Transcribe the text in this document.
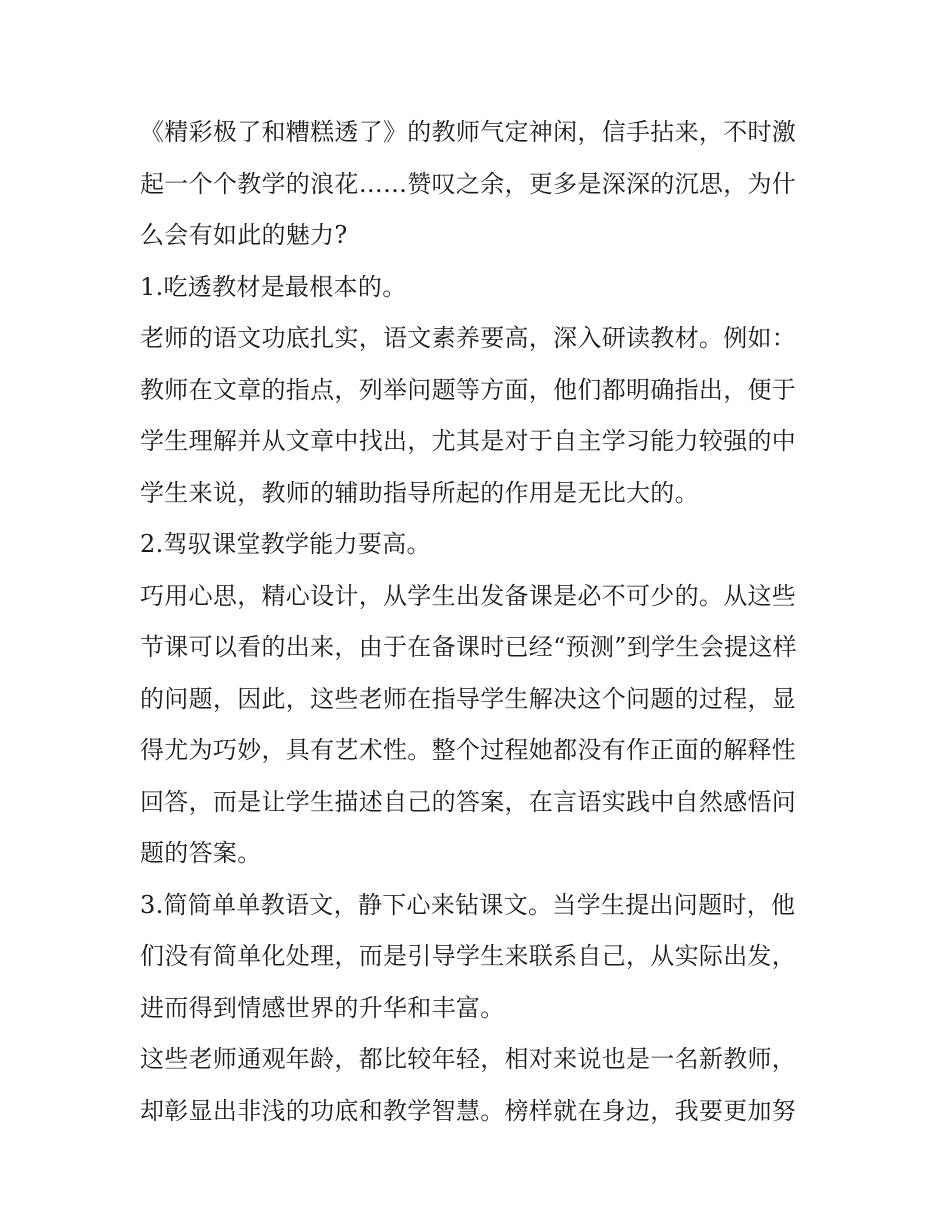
《精彩极了和糟糕透了》的教师气定神闲，信手拈来，不时激
起一个个教学的浪花……赞叹之余，更多是深深的沉思，为什
么会有如此的魅力?

1.吃透教材是最根本的。

老师的语文功底扎实，语文素养要高，深入研读教材。例如：
教师在文章的指点，列举问题等方面，他们都明确指出，便于
学生理解并从文章中找出，尤其是对于自主学习能力较强的中
学生来说，教师的辅助指导所起的作用是无比大的。

2.驾驭课堂教学能力要高。

巧用心思，精心设计，从学生出发备课是必不可少的。从这些
节课可以看的出来，由于在备课时已经“预测”到学生会提这样
的问题，因此，这些老师在指导学生解决这个问题的过程，显
得尤为巧妙，具有艺术性。整个过程她都没有作正面的解释性
回答，而是让学生描述自己的答案，在言语实践中自然感悟问
题的答案。

3.简简单单教语文，静下心来钻课文。当学生提出问题时，他
们没有简单化处理，而是引导学生来联系自己，从实际出发，
进而得到情感世界的升华和丰富。

这些老师通观年龄，都比较年轻，相对来说也是一名新教师，
却彰显出非浅的功底和教学智慧。榜样就在身边，我要更加努
